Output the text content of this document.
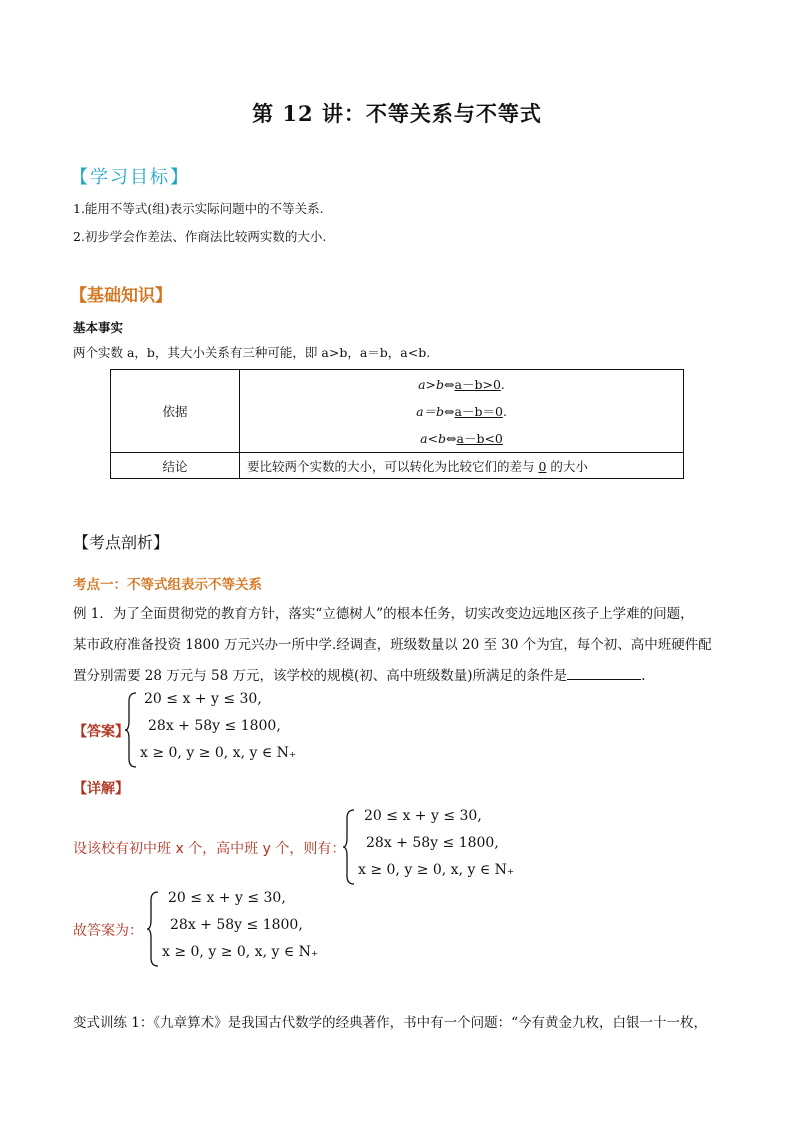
第 12 讲：不等关系与不等式
【学习目标】
1.能用不等式(组)表示实际问题中的不等关系.
2.初步学会作差法、作商法比较两实数的大小.
【基础知识】
基本事实
两个实数 a，b，其大小关系有三种可能，即 a>b，a＝b，a<b.
依据	a>b⇔a－b>0.
a＝b⇔a－b＝0.
a<b⇔a－b<0

结论	要比较两个实数的大小，可以转化为比较它们的差与 0 的大小
【考点剖析】
考点一：不等式组表示不等关系
例 1．为了全面贯彻党的教育方针，落实“立德树人”的根本任务，切实改变边远地区孩子上学难的问题，
某市政府准备投资 1800 万元兴办一所中学.经调查，班级数量以 20 至 30 个为宜，每个初、高中班硬件配
置分别需要 28 万元与 58 万元，该学校的规模(初、高中班级数量)所满足的条件是	.
【答案】
20 ≤ x + y ≤ 30,
28x + 58y ≤ 1800,
x ≥ 0, y ≥ 0, x, y ∈ N₊
【详解】
设该校有初中班 x 个，高中班 y 个，则有：
20 ≤ x + y ≤ 30,
28x + 58y ≤ 1800,
x ≥ 0, y ≥ 0, x, y ∈ N₊
故答案为：
20 ≤ x + y ≤ 30,
28x + 58y ≤ 1800,
x ≥ 0, y ≥ 0, x, y ∈ N₊
变式训练 1：《九章算术》是我国古代数学的经典著作，书中有一个问题：“今有黄金九枚，白银一十一枚，
